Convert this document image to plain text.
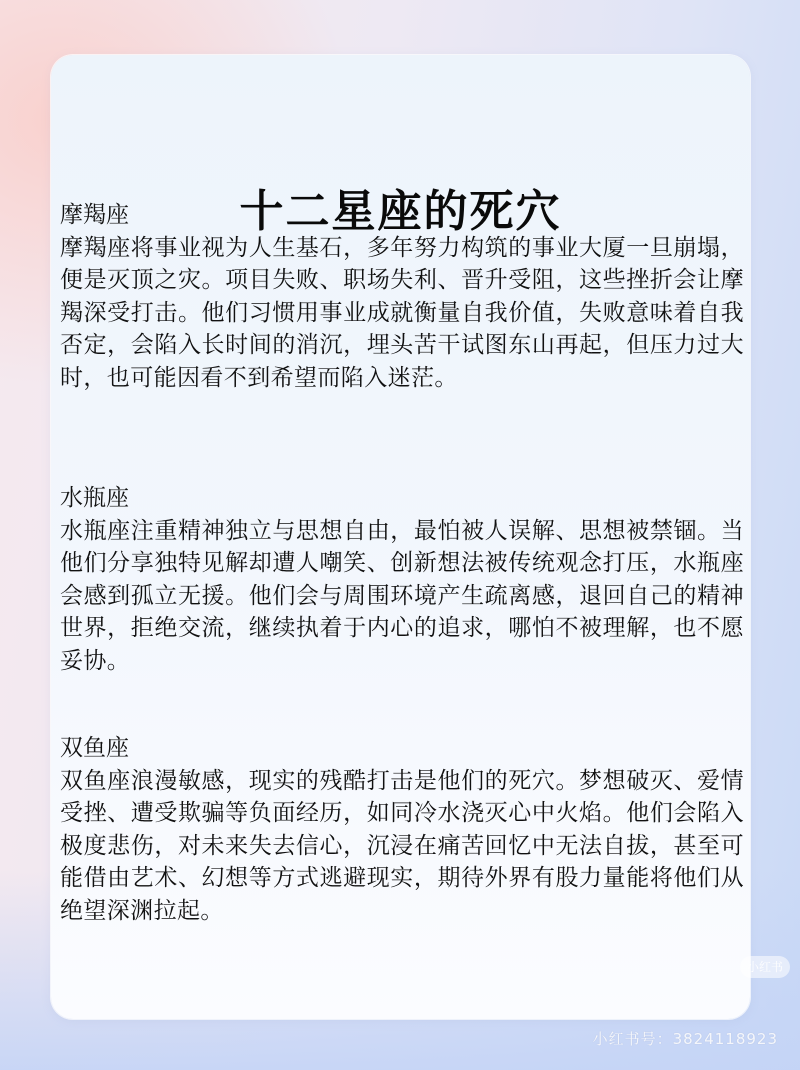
十二星座的死穴
摩羯座

摩羯座将事业视为人生基石，多年努力构筑的事业大厦一旦崩塌，便是灭顶之灾。项目失败、职场失利、晋升受阻，这些挫折会让摩羯深受打击。他们习惯用事业成就衡量自我价值，失败意味着自我否定，会陷入长时间的消沉，埋头苦干试图东山再起，但压力过大时，也可能因看不到希望而陷入迷茫。

水瓶座

水瓶座注重精神独立与思想自由，最怕被人误解、思想被禁锢。当他们分享独特见解却遭人嘲笑、创新想法被传统观念打压，水瓶座会感到孤立无援。他们会与周围环境产生疏离感，退回自己的精神世界，拒绝交流，继续执着于内心的追求，哪怕不被理解，也不愿妥协。

双鱼座

双鱼座浪漫敏感，现实的残酷打击是他们的死穴。梦想破灭、爱情受挫、遭受欺骗等负面经历，如同冷水浇灭心中火焰。他们会陷入极度悲伤，对未来失去信心，沉浸在痛苦回忆中无法自拔，甚至可能借由艺术、幻想等方式逃避现实，期待外界有股力量能将他们从绝望深渊拉起。

小红书
小红书号：3824118923
